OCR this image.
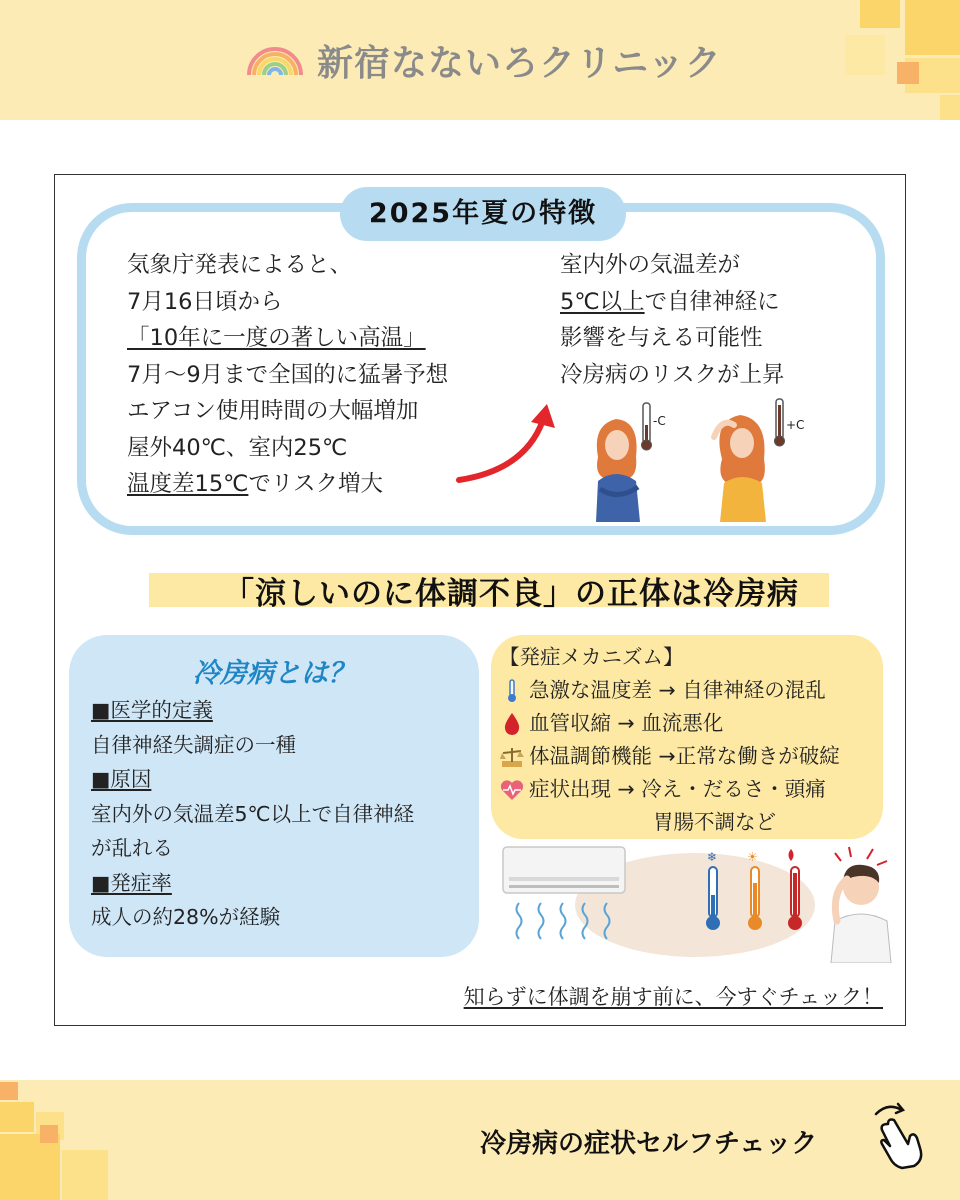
新宿なないろクリニック
2025年夏の特徴
気象庁発表によると、
7月16日頃から
「10年に一度の著しい高温」
7月～9月まで全国的に猛暑予想
エアコン使用時間の大幅増加
屋外40℃、室内25℃
温度差15℃でリスク増大
室内外の気温差が
5℃以上で自律神経に
影響を与える可能性
冷房病のリスクが上昇
-C	+C
「涼しいのに体調不良」の正体は冷房病
冷房病とは？
■医学的定義
自律神経失調症の一種
■原因
室内外の気温差5℃以上で自律神経
が乱れる
■発症率
成人の約28%が経験
【発症メカニズム】
急激な温度差 → 自律神経の混乱
血管収縮 → 血流悪化
体温調節機能 →正常な働きが破綻
症状出現 → 冷え・だるさ・頭痛
胃腸不調など
❄ ☀
知らずに体調を崩す前に、今すぐチェック！
冷房病の症状セルフチェック
